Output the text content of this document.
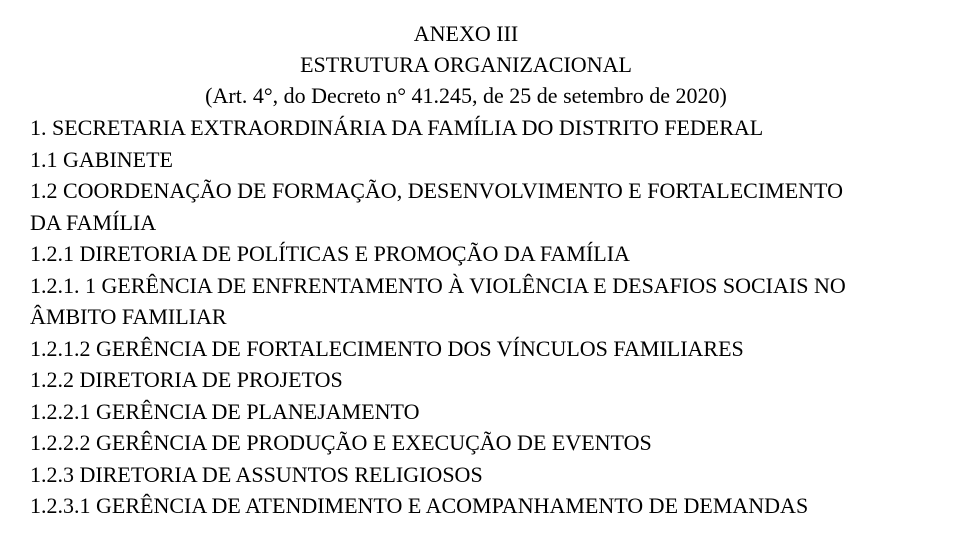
ANEXO III
ESTRUTURA ORGANIZACIONAL
(Art. 4°, do Decreto n° 41.245, de 25 de setembro de 2020)
1. SECRETARIA EXTRAORDINÁRIA DA FAMÍLIA DO DISTRITO FEDERAL
1.1 GABINETE
1.2 COORDENAÇÃO DE FORMAÇÃO, DESENVOLVIMENTO E FORTALECIMENTO
DA FAMÍLIA
1.2.1 DIRETORIA DE POLÍTICAS E PROMOÇÃO DA FAMÍLIA
1.2.1. 1 GERÊNCIA DE ENFRENTAMENTO À VIOLÊNCIA E DESAFIOS SOCIAIS NO
ÂMBITO FAMILIAR
1.2.1.2 GERÊNCIA DE FORTALECIMENTO DOS VÍNCULOS FAMILIARES
1.2.2 DIRETORIA DE PROJETOS
1.2.2.1 GERÊNCIA DE PLANEJAMENTO
1.2.2.2 GERÊNCIA DE PRODUÇÃO E EXECUÇÃO DE EVENTOS
1.2.3 DIRETORIA DE ASSUNTOS RELIGIOSOS
1.2.3.1 GERÊNCIA DE ATENDIMENTO E ACOMPANHAMENTO DE DEMANDAS
